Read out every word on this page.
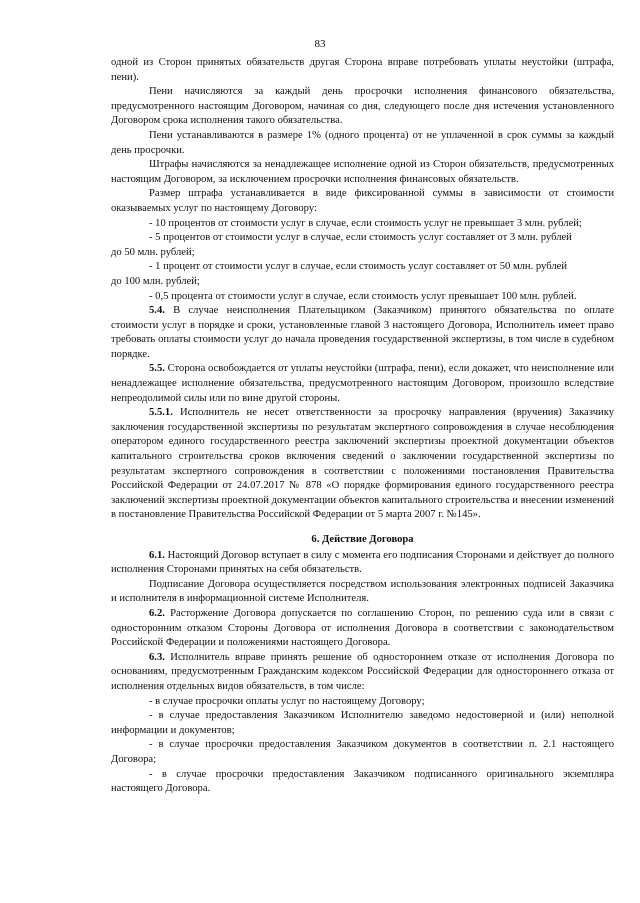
83

одной из Сторон принятых обязательств другая Сторона вправе потребовать уплаты неустойки (штрафа, пени).

Пени начисляются за каждый день просрочки исполнения финансового обязательства, предусмотренного настоящим Договором, начиная со дня, следующего после дня истечения установленного Договором срока исполнения такого обязательства.

Пени устанавливаются в размере 1% (одного процента) от не уплаченной в срок суммы за каждый день просрочки.

Штрафы начисляются за ненадлежащее исполнение одной из Сторон обязательств, предусмотренных настоящим Договором, за исключением просрочки исполнения финансовых обязательств.

Размер штрафа устанавливается в виде фиксированной суммы в зависимости от стоимости оказываемых услуг по настоящему Договору:

- 10 процентов от стоимости услуг в случае, если стоимость услуг не превышает 3 млн. рублей;

- 5 процентов от стоимости услуг в случае, если стоимость услуг составляет от 3 млн. рублей

до 50 млн. рублей;

- 1 процент от стоимости услуг в случае, если стоимость услуг составляет от 50 млн. рублей

до 100 млн. рублей;

- 0,5 процента от стоимости услуг в случае, если стоимость услуг превышает 100 млн. рублей.

5.4. В случае неисполнения Плательщиком (Заказчиком) принятого обязательства по оплате стоимости услуг в порядке и сроки, установленные главой 3 настоящего Договора, Исполнитель имеет право требовать оплаты стоимости услуг до начала проведения государственной экспертизы, в том числе в судебном порядке.

5.5. Сторона освобождается от уплаты неустойки (штрафа, пени), если докажет, что неисполнение или ненадлежащее исполнение обязательства, предусмотренного настоящим Договором, произошло вследствие непреодолимой силы или по вине другой стороны.

5.5.1. Исполнитель не несет ответственности за просрочку направления (вручения) Заказчику заключения государственной экспертизы по результатам экспертного сопровождения в случае несоблюдения оператором единого государственного реестра заключений экспертизы проектной документации объектов капитального строительства сроков включения сведений о заключении государственной экспертизы по результатам экспертного сопровождения в соответствии с положениями постановления Правительства Российской Федерации от 24.07.2017 № 878 «О порядке формирования единого государственного реестра заключений экспертизы проектной документации объектов капитального строительства и внесении изменений в постановление Правительства Российской Федерации от 5 марта 2007 г. №145».

6. Действие Договора

6.1. Настоящий Договор вступает в силу с момента его подписания Сторонами и действует до полного исполнения Сторонами принятых на себя обязательств.

Подписание Договора осуществляется посредством использования электронных подписей Заказчика и исполнителя в информационной системе Исполнителя.

6.2. Расторжение Договора допускается по соглашению Сторон, по решению суда или в связи с односторонним отказом Стороны Договора от исполнения Договора в соответствии с законодательством Российской Федерации и положениями настоящего Договора.

6.3. Исполнитель вправе принять решение об одностороннем отказе от исполнения Договора по основаниям, предусмотренным Гражданским кодексом Российской Федерации для одностороннего отказа от исполнения отдельных видов обязательств, в том числе:

- в случае просрочки оплаты услуг по настоящему Договору;

- в случае предоставления Заказчиком Исполнителю заведомо недостоверной и (или) неполной информации и документов;

- в случае просрочки предоставления Заказчиком документов в соответствии п. 2.1 настоящего Договора;

- в случае просрочки предоставления Заказчиком подписанного оригинального экземпляра настоящего Договора.
